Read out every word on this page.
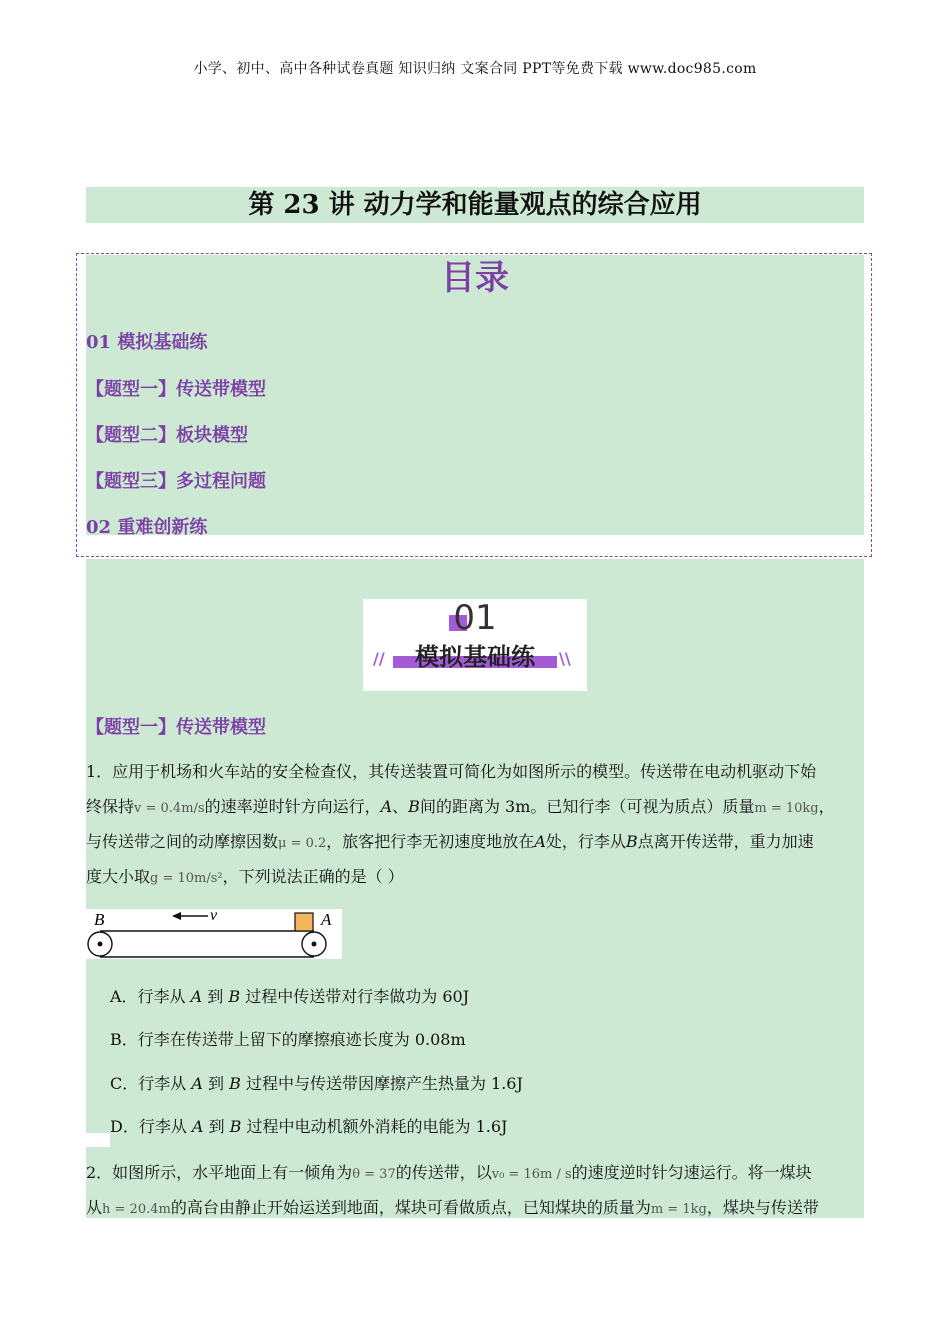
小学、初中、高中各种试卷真题 知识归纳 文案合同 PPT等免费下载 www.doc985.com
第 23 讲 动力学和能量观点的综合应用
目录
01 模拟基础练
【题型一】传送带模型
【题型二】板块模型
【题型三】多过程问题
02 重难创新练
01
模拟基础练
//	\\
【题型一】传送带模型
1．应用于机场和火车站的安全检查仪，其传送装置可简化为如图所示的模型。传送带在电动机驱动下始
终保持v = 0.4m/s的速率逆时针方向运行，A、B间的距离为 3m。已知行李（可视为质点）质量m = 10kg，
与传送带之间的动摩擦因数μ = 0.2，旅客把行李无初速度地放在A处，行李从B点离开传送带，重力加速
度大小取g = 10m/s²，下列说法正确的是（ ）
B	A
v
A．行李从 A 到 B 过程中传送带对行李做功为 60J
B．行李在传送带上留下的摩擦痕迹长度为 0.08m
C．行李从 A 到 B 过程中与传送带因摩擦产生热量为 1.6J
D．行李从 A 到 B 过程中电动机额外消耗的电能为 1.6J
2．如图所示，水平地面上有一倾角为θ = 37的传送带，以v₀ = 16m / s的速度逆时针匀速运行。将一煤块
从h = 20.4m的高台由静止开始运送到地面，煤块可看做质点，已知煤块的质量为m = 1kg，煤块与传送带
